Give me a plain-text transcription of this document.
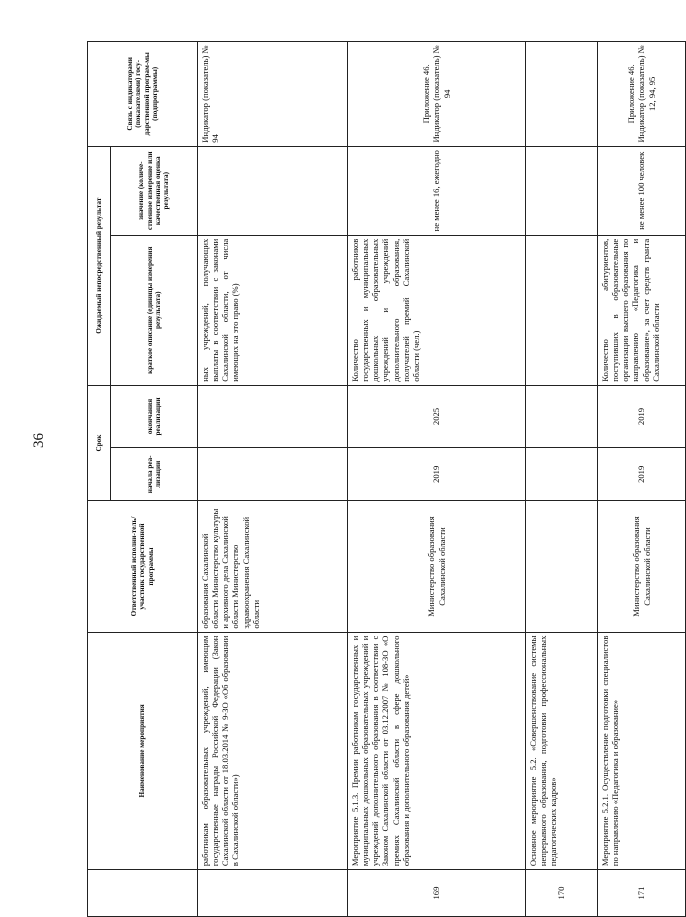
36
	Наименование мероприятия	Ответственный исполни-тель/участник государственной программы	Срок		Ожидаемый непосредственный результат		Связь с индикаторами (показателями) госу-дарственной програм-мы (подпрограммы)
			начала реа-лизации	окончания реализации	краткое описание (единицы измерения результата)	значение (количе-ственное измерение или качественная оценка результата)	
	работникам образовательных учреждений, имеющим государственные награды Российской Федерации (Закон Сахалинской области от 18.03.2014 № 9-ЗО «Об образовании в Сахалинской области»)	образования Сахалинской области Министерство культуры и архивного дела Сахалинской области Министерство здравоохранения Сахалинской области			ных учреждений, получающих выплаты в соответствии с законами Сахалинской области, от числа имеющих на это право (%)		Индикатор (показатель) № 94
169	Мероприятие 5.1.3. Премии работникам государственных и муниципальных дошкольных образовательных учреждений и учреждений дополнительного образования в соответствии с Законом Сахалинской области от 03.12.2007 № 108-ЗО «О премиях Сахалинской области в сфере дошкольного образования и дополнительного образования детей»	Министерство образования Сахалинской области	2019	2025	Количество работников государственных и муниципальных дошкольных образовательных учреждений и учреждений дополнительного образования, получателей премий Сахалинской области (чел.)	не менее 16, ежегодно	Приложение 46. Индикатор (показатель) № 94
170	Основное мероприятие 5.2. «Совершенствование системы непрерывного образования, подготовки профессиональных педагогических кадров»						
171	Мероприятие 5.2.1. Осуществление подготовки специалистов по направлению «Педагогика и образование»	Министерство образования Сахалинской области	2019	2019	Количество абитуриентов, поступивших в образовательные организации высшего образования по направлению «Педагогика и образование», за счет средств гранта Сахалинской области	не менее 100 человек	Приложение 46. Индикатор (показатель) № 12, 94, 95
